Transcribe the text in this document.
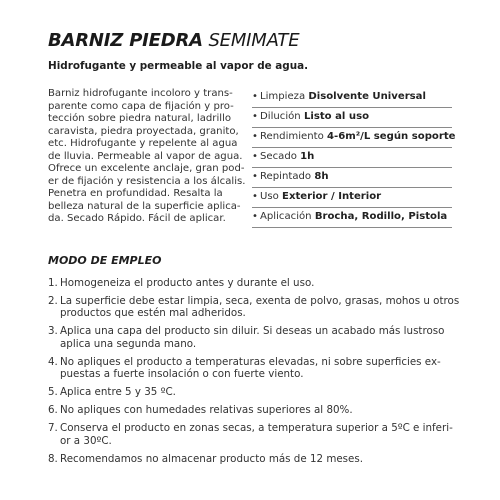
BARNIZ PIEDRA SEMIMATE
Hidrofugante y permeable al vapor de agua.

Barniz hidrofugante incoloro y trans-
parente como capa de fijación y pro-
tección sobre piedra natural, ladrillo
caravista, piedra proyectada, granito,
etc. Hidrofugante y repelente al agua
de lluvia. Permeable al vapor de agua.
Ofrece un excelente anclaje, gran pod-
er de fijación y resistencia a los álcalis.
Penetra en profundidad. Resalta la
belleza natural de la superficie aplica-
da. Secado Rápido. Fácil de aplicar.

• Limpieza Disolvente Universal
• Dilución Listo al uso
• Rendimiento 4-6m²/L según soporte
• Secado 1h
• Repintado 8h
• Uso Exterior / Interior
• Aplicación Brocha, Rodillo, Pistola
MODO DE EMPLEO
1. Homogeneiza el producto antes y durante el uso.
2. La superficie debe estar limpia, seca, exenta de polvo, grasas, mohos u otros
productos que estén mal adheridos.
3. Aplica una capa del producto sin diluir. Si deseas un acabado más lustroso
aplica una segunda mano.
4. No apliques el producto a temperaturas elevadas, ni sobre superficies ex-
puestas a fuerte insolación o con fuerte viento.
5. Aplica entre 5 y 35 ºC.
6. No apliques con humedades relativas superiores al 80%.
7. Conserva el producto en zonas secas, a temperatura superior a 5ºC e inferi-
or a 30ºC.
8. Recomendamos no almacenar producto más de 12 meses.
